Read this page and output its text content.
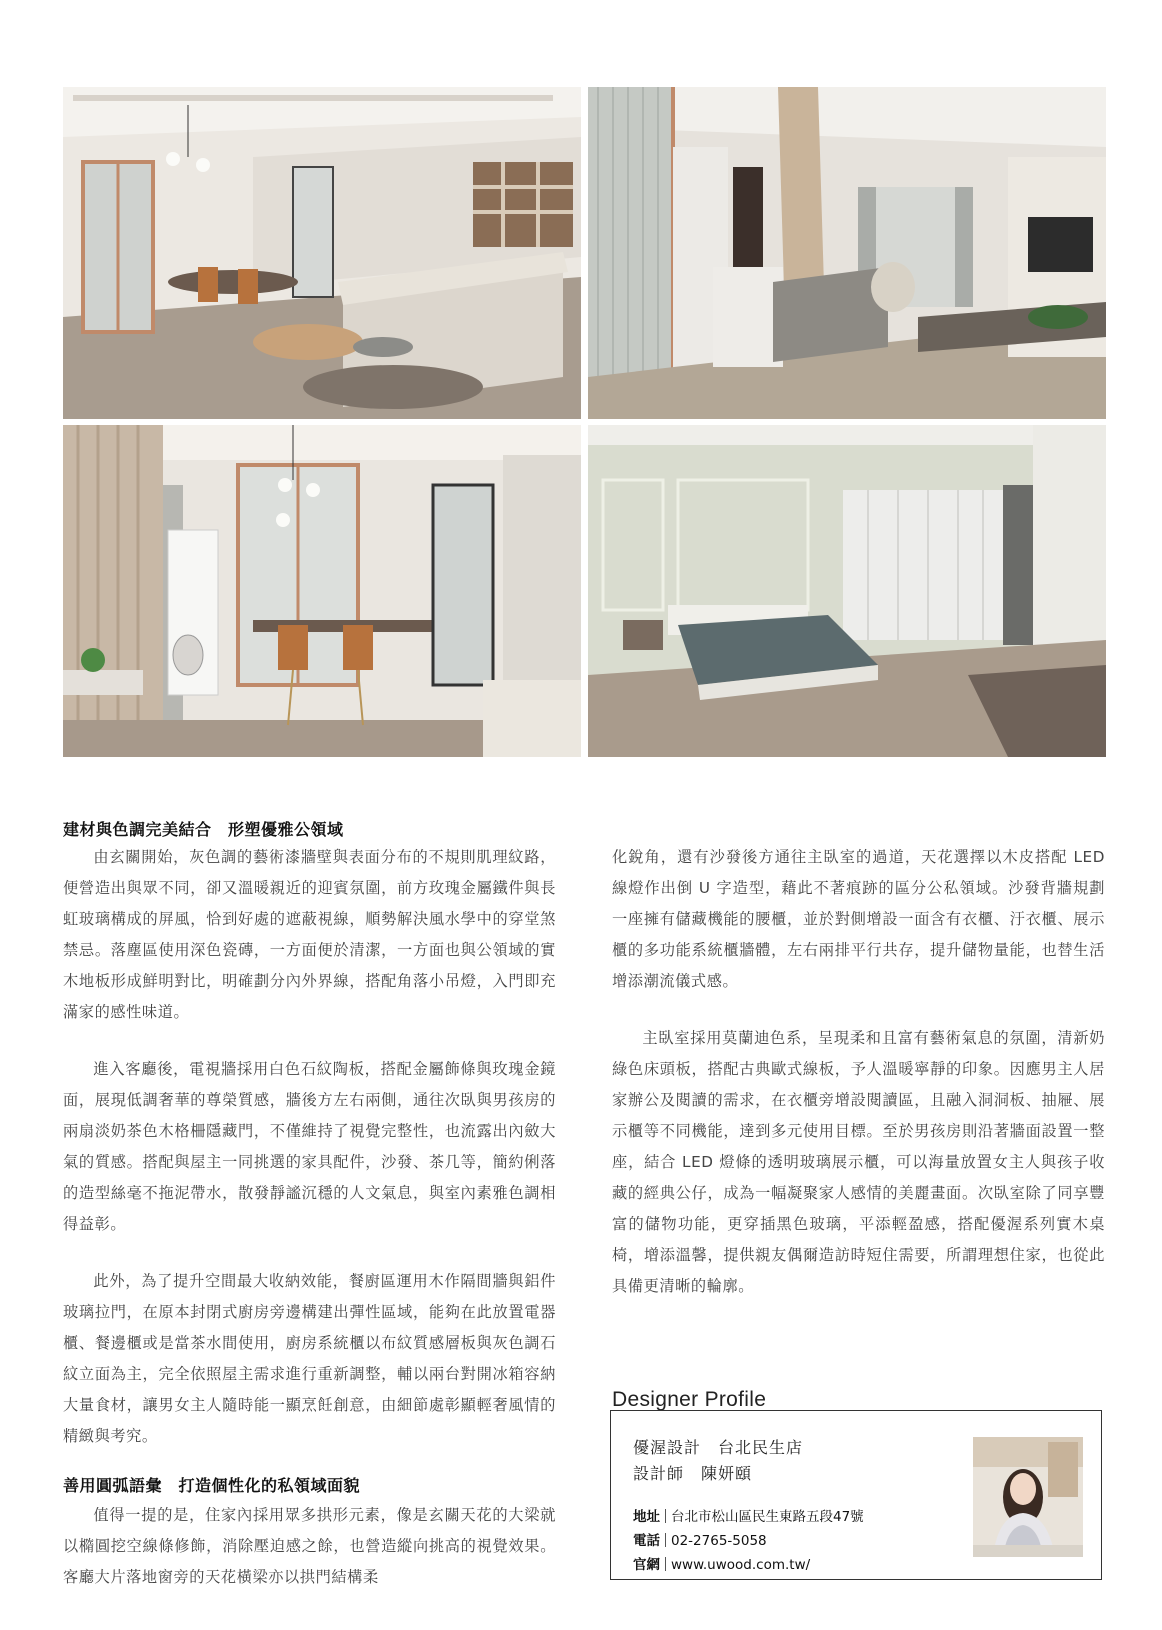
建材與色調完美結合　形塑優雅公領域
由玄關開始，灰色調的藝術漆牆壁與表面分布的不規則肌理紋路，便營造出與眾不同，卻又溫暖親近的迎賓氛圍，前方玫瑰金屬鐵件與長虹玻璃構成的屏風，恰到好處的遮蔽視線，順勢解決風水學中的穿堂煞禁忌。落塵區使用深色瓷磚，一方面便於清潔，一方面也與公領域的實木地板形成鮮明對比，明確劃分內外界線，搭配角落小吊燈，入門即充滿家的感性味道。
進入客廳後，電視牆採用白色石紋陶板，搭配金屬飾條與玫瑰金鏡面，展現低調奢華的尊榮質感，牆後方左右兩側，通往次臥與男孩房的兩扇淡奶茶色木格柵隱藏門，不僅維持了視覺完整性，也流露出內斂大氣的質感。搭配與屋主一同挑選的家具配件，沙發、茶几等，簡約俐落的造型絲毫不拖泥帶水，散發靜謐沉穩的人文氣息，與室內素雅色調相得益彰。
此外，為了提升空間最大收納效能，餐廚區運用木作隔間牆與鋁件玻璃拉門，在原本封閉式廚房旁邊構建出彈性區域，能夠在此放置電器櫃、餐邊櫃或是當茶水間使用，廚房系統櫃以布紋質感層板與灰色調石紋立面為主，完全依照屋主需求進行重新調整，輔以兩台對開冰箱容納大量食材，讓男女主人隨時能一顯烹飪創意，由細節處彰顯輕奢風情的精緻與考究。
善用圓弧語彙　打造個性化的私領域面貌
值得一提的是，住家內採用眾多拱形元素，像是玄關天花的大梁就以橢圓挖空線條修飾，消除壓迫感之餘，也營造縱向挑高的視覺效果。客廳大片落地窗旁的天花橫梁亦以拱門結構柔
化銳角，還有沙發後方通往主臥室的過道，天花選擇以木皮搭配 LED 線燈作出倒 U 字造型，藉此不著痕跡的區分公私領域。沙發背牆規劃一座擁有儲藏機能的腰櫃，並於對側增設一面含有衣櫃、汙衣櫃、展示櫃的多功能系統櫃牆體，左右兩排平行共存，提升儲物量能，也替生活增添潮流儀式感。
主臥室採用莫蘭迪色系，呈現柔和且富有藝術氣息的氛圍，清新奶綠色床頭板，搭配古典歐式線板，予人溫暖寧靜的印象。因應男主人居家辦公及閱讀的需求，在衣櫃旁增設閱讀區，且融入洞洞板、抽屜、展示櫃等不同機能，達到多元使用目標。至於男孩房則沿著牆面設置一整座，結合 LED 燈條的透明玻璃展示櫃，可以海量放置女主人與孩子收藏的經典公仔，成為一幅凝聚家人感情的美麗畫面。次臥室除了同享豐富的儲物功能，更穿插黑色玻璃，平添輕盈感，搭配優渥系列實木桌椅，增添溫馨，提供親友偶爾造訪時短住需要，所謂理想住家，也從此具備更清晰的輪廓。
Designer Profile
優渥設計　台北民生店
設計師　陳妍頤
地址 台北市松山區民生東路五段47號
電話 02-2765-5058
官網 www.uwood.com.tw/
